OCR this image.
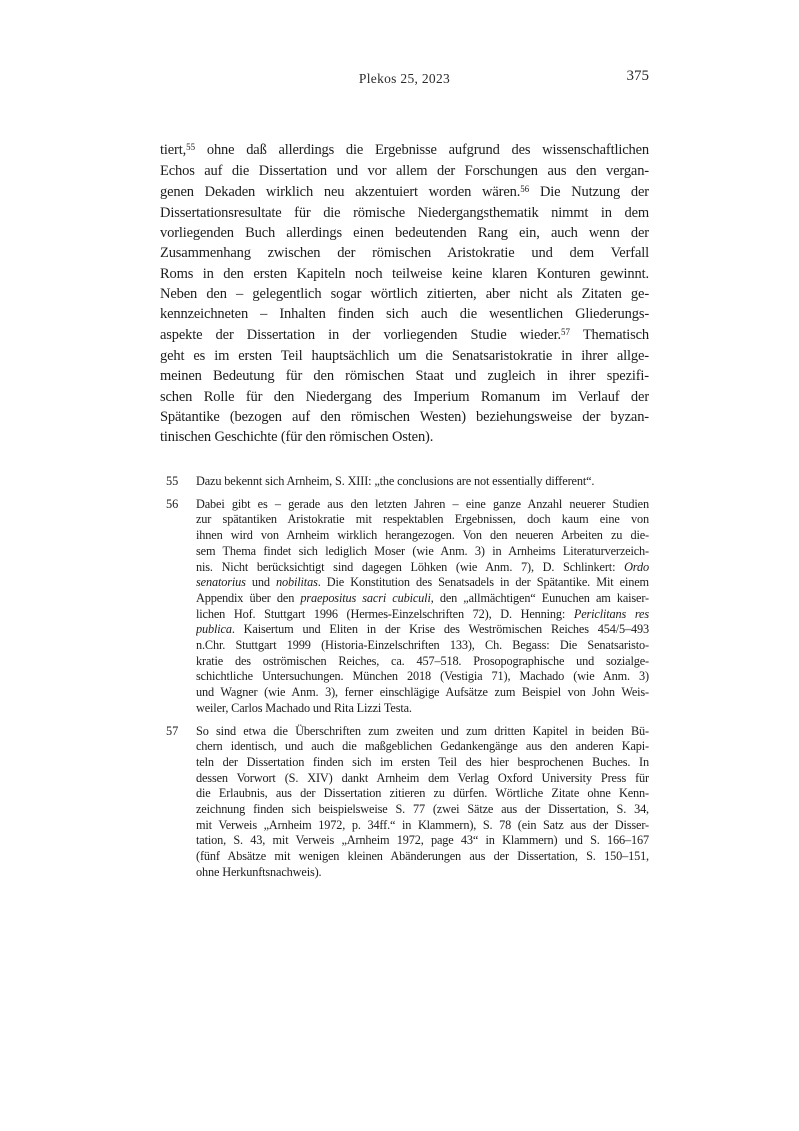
Plekos 25, 2023	375
tiert,$^{55}$ ohne daß allerdings die Ergebnisse aufgrund des wissenschaftlichen
Echos auf die Dissertation und vor allem der Forschungen aus den vergan-
genen Dekaden wirklich neu akzentuiert worden wären.$^{56}$ Die Nutzung der
Dissertationsresultate für die römische Niedergangsthematik nimmt in dem
vorliegenden Buch allerdings einen bedeutenden Rang ein, auch wenn der
Zusammenhang zwischen der römischen Aristokratie und dem Verfall
Roms in den ersten Kapiteln noch teilweise keine klaren Konturen gewinnt.
Neben den – gelegentlich sogar wörtlich zitierten, aber nicht als Zitaten ge-
kennzeichneten – Inhalten finden sich auch die wesentlichen Gliederungs-
aspekte der Dissertation in der vorliegenden Studie wieder.$^{57}$ Thematisch
geht es im ersten Teil hauptsächlich um die Senatsaristokratie in ihrer allge-
meinen Bedeutung für den römischen Staat und zugleich in ihrer spezifi-
schen Rolle für den Niedergang des Imperium Romanum im Verlauf der
Spätantike (bezogen auf den römischen Westen) beziehungsweise der byzan-
tinischen Geschichte (für den römischen Osten).
55	Dazu bekennt sich Arnheim, S. XIII: „the conclusions are not essentially different“.
56	Dabei gibt es – gerade aus den letzten Jahren – eine ganze Anzahl neuerer Studien
zur spätantiken Aristokratie mit respektablen Ergebnissen, doch kaum eine von
ihnen wird von Arnheim wirklich herangezogen. Von den neueren Arbeiten zu die-
sem Thema findet sich lediglich Moser (wie Anm. 3) in Arnheims Literaturverzeich-
nis. Nicht berücksichtigt sind dagegen Löhken (wie Anm. 7), D. Schlinkert: Ordo
senatorius und nobilitas. Die Konstitution des Senatsadels in der Spätantike. Mit einem
Appendix über den praepositus sacri cubiculi, den „allmächtigen“ Eunuchen am kaiser-
lichen Hof. Stuttgart 1996 (Hermes-Einzelschriften 72), D. Henning: Periclitans res
publica. Kaisertum und Eliten in der Krise des Weströmischen Reiches 454/5–493
n.Chr. Stuttgart 1999 (Historia-Einzelschriften 133), Ch. Begass: Die Senatsaristo-
kratie des oströmischen Reiches, ca. 457–518. Prosopographische und sozialge-
schichtliche Untersuchungen. München 2018 (Vestigia 71), Machado (wie Anm. 3)
und Wagner (wie Anm. 3), ferner einschlägige Aufsätze zum Beispiel von John Weis-
weiler, Carlos Machado und Rita Lizzi Testa.
57	So sind etwa die Überschriften zum zweiten und zum dritten Kapitel in beiden Bü-
chern identisch, und auch die maßgeblichen Gedankengänge aus den anderen Kapi-
teln der Dissertation finden sich im ersten Teil des hier besprochenen Buches. In
dessen Vorwort (S. XIV) dankt Arnheim dem Verlag Oxford University Press für
die Erlaubnis, aus der Dissertation zitieren zu dürfen. Wörtliche Zitate ohne Kenn-
zeichnung finden sich beispielsweise S. 77 (zwei Sätze aus der Dissertation, S. 34,
mit Verweis „Arnheim 1972, p. 34ff.“ in Klammern), S. 78 (ein Satz aus der Disser-
tation, S. 43, mit Verweis „Arnheim 1972, page 43“ in Klammern) und S. 166–167
(fünf Absätze mit wenigen kleinen Abänderungen aus der Dissertation, S. 150–151,
ohne Herkunftsnachweis).
